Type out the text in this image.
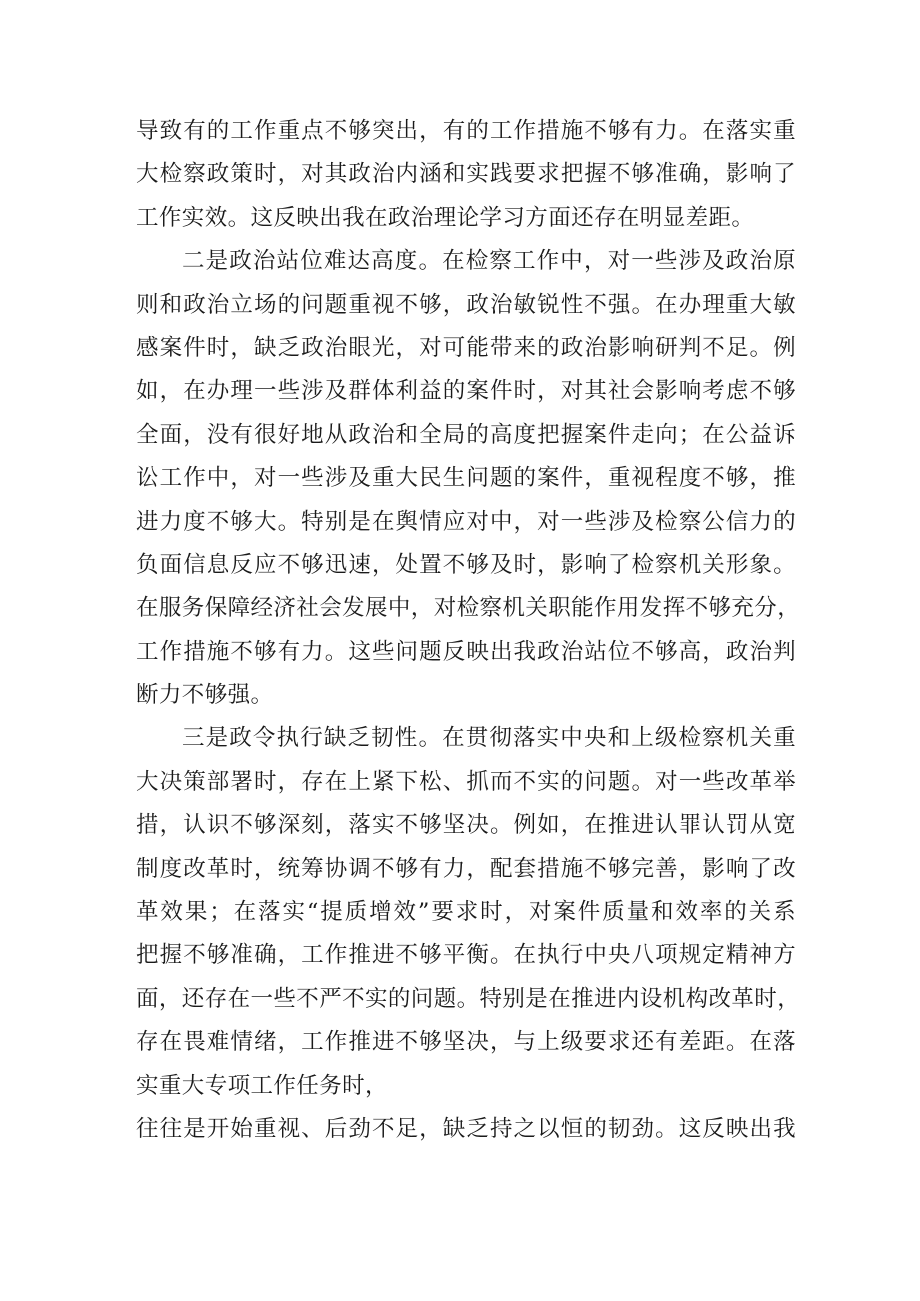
导致有的工作重点不够突出，有的工作措施不够有力。在落实重
大检察政策时，对其政治内涵和实践要求把握不够准确，影响了
工作实效。这反映出我在政治理论学习方面还存在明显差距。
二是政治站位难达高度。在检察工作中，对一些涉及政治原
则和政治立场的问题重视不够，政治敏锐性不强。在办理重大敏
感案件时，缺乏政治眼光，对可能带来的政治影响研判不足。例
如，在办理一些涉及群体利益的案件时，对其社会影响考虑不够
全面，没有很好地从政治和全局的高度把握案件走向；在公益诉
讼工作中，对一些涉及重大民生问题的案件，重视程度不够，推
进力度不够大。特别是在舆情应对中，对一些涉及检察公信力的
负面信息反应不够迅速，处置不够及时，影响了检察机关形象。
在服务保障经济社会发展中，对检察机关职能作用发挥不够充分，
工作措施不够有力。这些问题反映出我政治站位不够高，政治判
断力不够强。
三是政令执行缺乏韧性。在贯彻落实中央和上级检察机关重
大决策部署时，存在上紧下松、抓而不实的问题。对一些改革举
措，认识不够深刻，落实不够坚决。例如，在推进认罪认罚从宽
制度改革时，统筹协调不够有力，配套措施不够完善，影响了改
革效果；在落实“提质增效”要求时，对案件质量和效率的关系
把握不够准确，工作推进不够平衡。在执行中央八项规定精神方
面，还存在一些不严不实的问题。特别是在推进内设机构改革时，
存在畏难情绪，工作推进不够坚决，与上级要求还有差距。在落
实重大专项工作任务时，
往往是开始重视、后劲不足，缺乏持之以恒的韧劲。这反映出我
